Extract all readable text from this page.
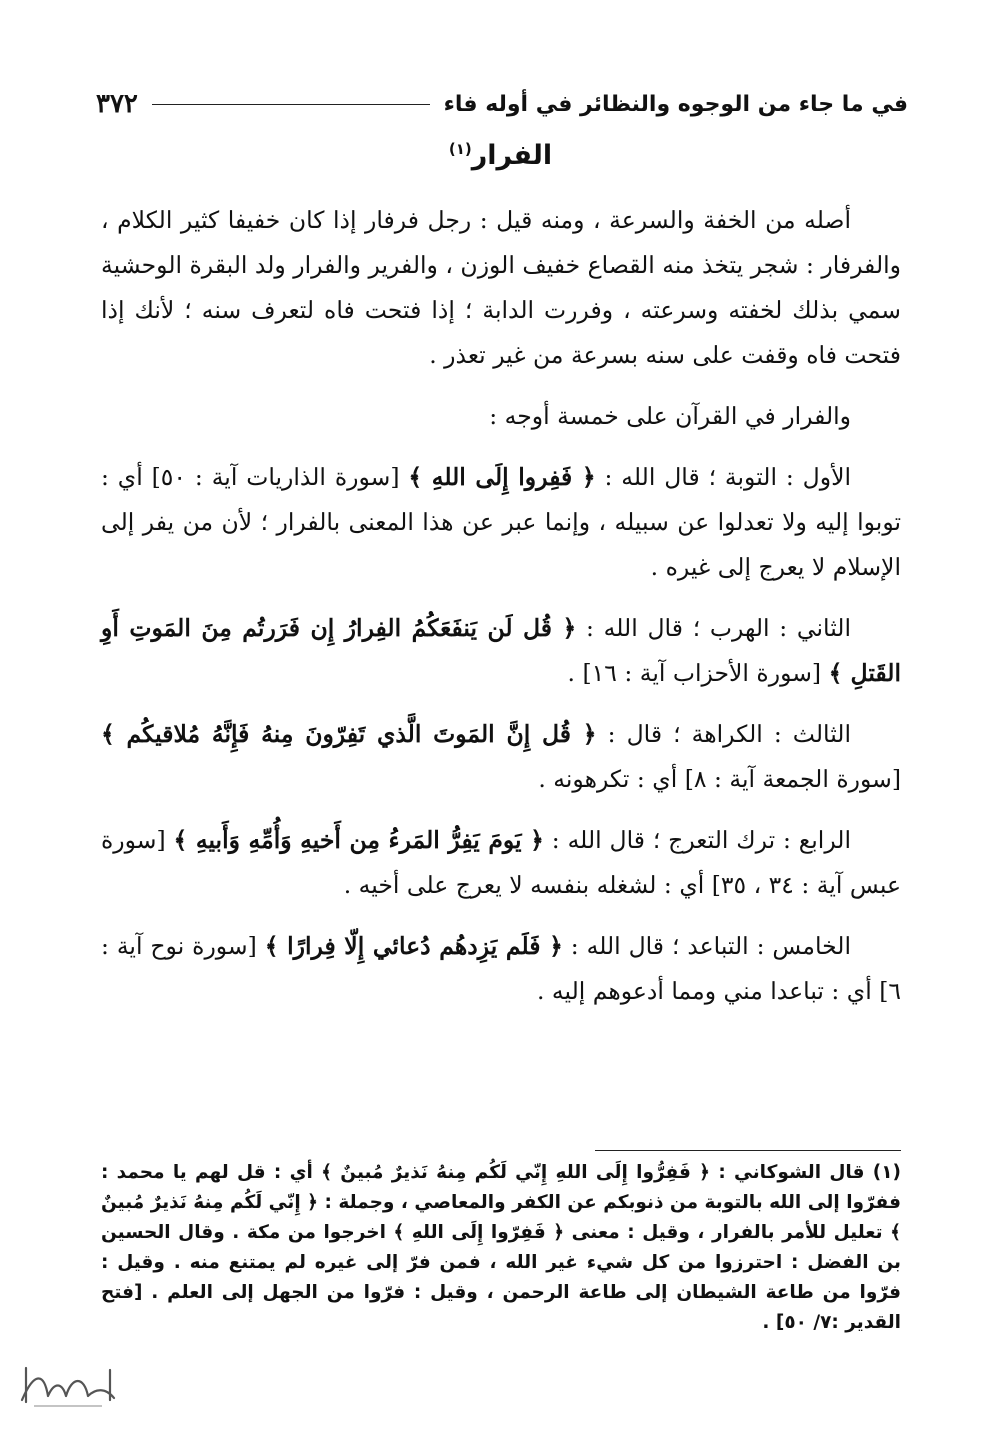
في ما جاء من الوجوه والنظائر في أوله فاء
٣٧٢
الفرار$^{(١)}$

أصله من الخفة والسرعة ، ومنه قيل : رجل فرفار إذا كان خفيفا كثير الكلام ، والفرفار : شجر يتخذ منه القصاع خفيف الوزن ، والفرير والفرار ولد البقرة الوحشية سمي بذلك لخفته وسرعته ، وفررت الدابة ؛ إذا فتحت فاه لتعرف سنه ؛ لأنك إذا فتحت فاه وقفت على سنه بسرعة من غير تعذر .

والفرار في القرآن على خمسة أوجه :

الأول : التوبة ؛ قال الله : ﴿ فَفِروا إِلَى اللهِ ﴾ [سورة الذاريات آية : ٥٠] أي : توبوا إليه ولا تعدلوا عن سبيله ، وإنما عبر عن هذا المعنى بالفرار ؛ لأن من يفر إلى الإسلام لا يعرج إلى غيره .

الثاني : الهرب ؛ قال الله : ﴿ قُل لَن يَنفَعَكُمُ الفِرارُ إِن فَرَرتُم مِنَ المَوتِ أَوِ القَتلِ ﴾ [سورة الأحزاب آية : ١٦] .

الثالث : الكراهة ؛ قال : ﴿ قُل إِنَّ المَوتَ الَّذي تَفِرّونَ مِنهُ فَإِنَّهُ مُلاقيكُم ﴾ [سورة الجمعة آية : ٨] أي : تكرهونه .

الرابع : ترك التعرج ؛ قال الله : ﴿ يَومَ يَفِرُّ المَرءُ مِن أَخيهِ وَأُمِّهِ وَأَبيهِ ﴾ [سورة عبس آية : ٣٤ ، ٣٥] أي : لشغله بنفسه لا يعرج على أخيه .

الخامس : التباعد ؛ قال الله : ﴿ فَلَم يَزِدهُم دُعائي إِلّا فِرارًا ﴾ [سورة نوح آية : ٦] أي : تباعدا مني ومما أدعوهم إليه .

(١) قال الشوكاني : ﴿ فَفِرُّوا إِلَى اللهِ إِنّي لَكُم مِنهُ نَذيرٌ مُبينٌ ﴾ أي : قل لهم يا محمد : ففرّوا إلى الله بالتوبة من ذنوبكم عن الكفر والمعاصي ، وجملة : ﴿ إِنّي لَكُم مِنهُ نَذيرٌ مُبينٌ ﴾ تعليل للأمر بالفرار ، وقيل : معنى ﴿ فَفِرّوا إِلَى اللهِ ﴾ اخرجوا من مكة . وقال الحسين بن الفضل : احترزوا من كل شيء غير الله ، فمن فرّ إلى غيره لم يمتنع منه . وقيل : فرّوا من طاعة الشيطان إلى طاعة الرحمن ، وقيل : فرّوا من الجهل إلى العلم . [فتح القدير :٧/ ٥٠] .
